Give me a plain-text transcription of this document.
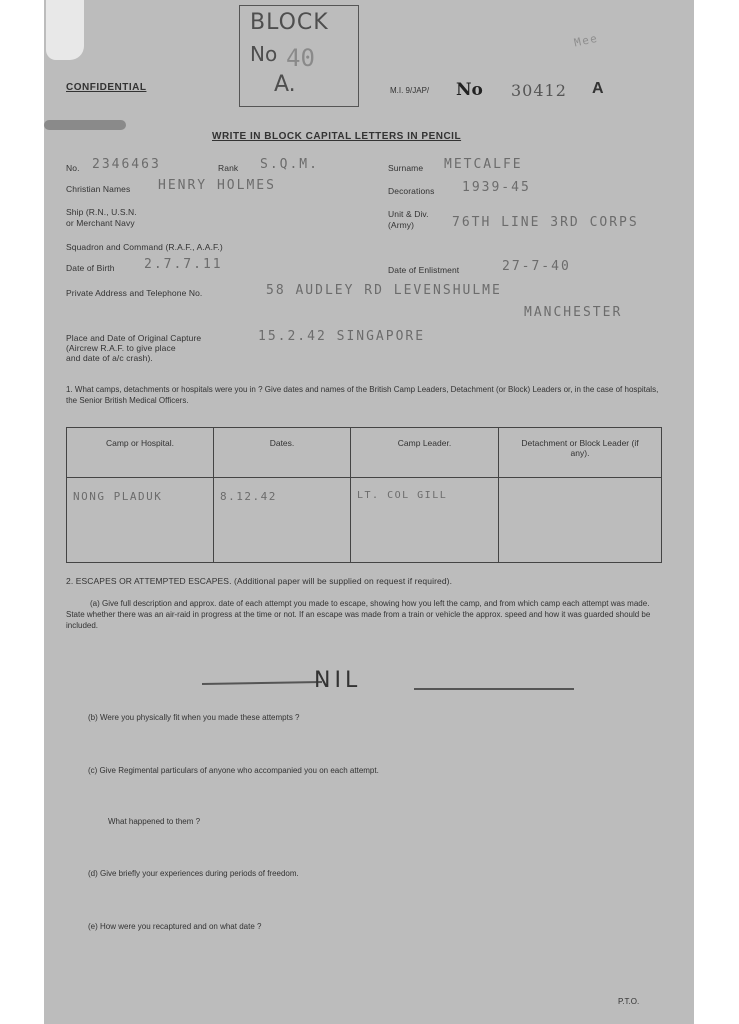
BLOCK
No 40
A.
Mee
CONFIDENTIAL	M.I. 9/JAP/ No 30412 A
WRITE IN BLOCK CAPITAL LETTERS IN PENCIL
No. 2346463	Rank S.Q.M.	Surname METCALFE
Christian Names HENRY HOLMES	Decorations 1939-45
Ship (R.N., U.S.N.
or Merchant Navy
Unit & Div.
(Army)	76TH LINE 3RD CORPS
Squadron and Command (R.A.F., A.A.F.)
Date of Birth 2.7.7.11	Date of Enlistment	27-7-40
Private Address and Telephone No.	58 AUDLEY RD LEVENSHULME
MANCHESTER
Place and Date of Original Capture
(Aircrew R.A.F. to give place
and date of a/c crash).
15.2.42 SINGAPORE
1. What camps, detachments or hospitals were you in ? Give dates and names of the British Camp Leaders, Detachment (or Block) Leaders or, in the case of hospitals, the Senior British Medical Officers.
Camp or Hospital.	Dates.	Camp Leader.	Detachment or Block Leader (if any).
NONG PLADUK	8.12.42	LT. COL GILL	
2. ESCAPES OR ATTEMPTED ESCAPES. (Additional paper will be supplied on request if required).
(a) Give full description and approx. date of each attempt you made to escape, showing how you left the camp, and from which camp each attempt was made. State whether there was an air-raid in progress at the time or not. If an escape was made from a train or vehicle the approx. speed and how it was guarded should be included.
NIL
(b) Were you physically fit when you made these attempts ?
(c) Give Regimental particulars of anyone who accompanied you on each attempt.
What happened to them ?
(d) Give briefly your experiences during periods of freedom.
(e) How were you recaptured and on what date ?
P.T.O.
